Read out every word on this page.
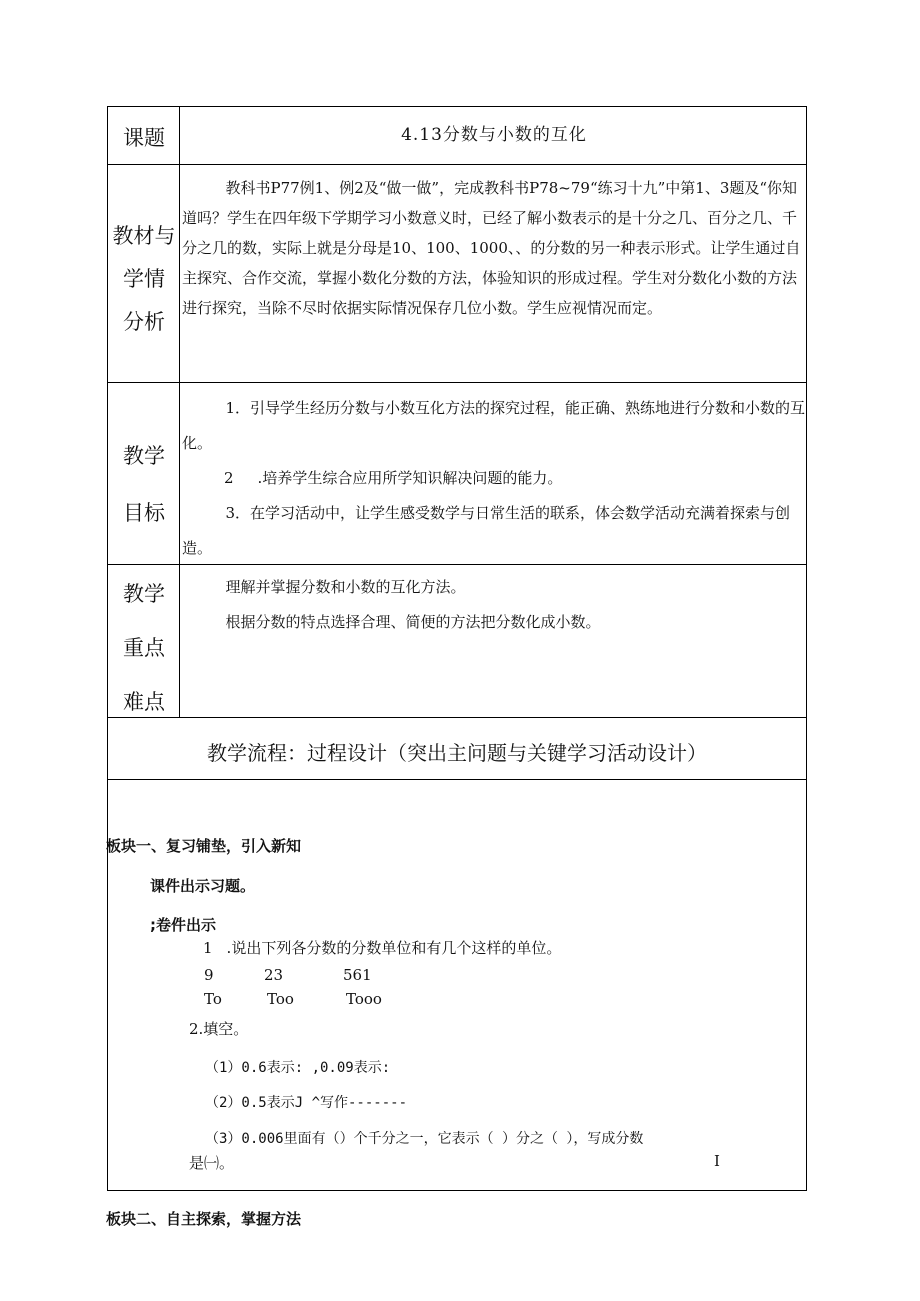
课题	4.13分数与小数的互化
教材与
学情
分析

教科书P77例1、例2及“做一做”，完成教科书P78~79“练习十九”中第1、3题及“你知道吗？学生在四年级下学期学习小数意义时，已经了解小数表示的是十分之几、百分之几、千分之几的数，实际上就是分母是10、100、1000、、的分数的另一种表示形式。让学生通过自主探究、合作交流，掌握小数化分数的方法，体验知识的形成过程。学生对分数化小数的方法进行探究，当除不尽时依据实际情况保存几位小数。学生应视情况而定。

教学
目标

1．引导学生经历分数与小数互化方法的探究过程，能正确、熟练地进行分数和小数的互化。

2 .培养学生综合应用所学知识解决问题的能力。

3．在学习活动中，让学生感受数学与日常生活的联系，体会数学活动充满着探索与创造。

教学
重点
难点

理解并掌握分数和小数的互化方法。

根据分数的特点选择合理、简便的方法把分数化成小数。

教学流程：过程设计（突出主问题与关键学习活动设计）
板块一、复习铺垫，引入新知
课件出示习题。
;卷件出示
1 .说出下列各分数的分数单位和有几个这样的单位。
9
To
23
Too
561
Tooo
2.填空。
（1）0.6表示: ,0.09表示:
（2）0.5表示J ^写作-------
（3）0.006里面有（）个千分之一，它表示（ ）分之（ ），写成分数
是㈠。	I
板块二、自主探索，掌握方法
